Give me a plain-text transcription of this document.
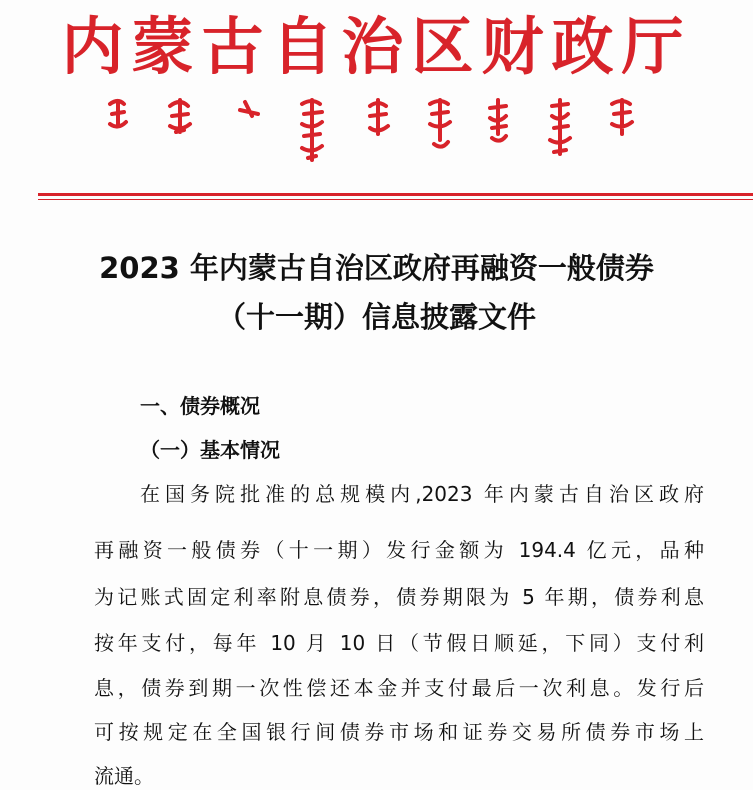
内蒙古自治区财政厅
2023 年内蒙古自治区政府再融资一般债券
（十一期）信息披露文件
一、债券概况
（一）基本情况
在国务院批准的总规模内,2023 年内蒙古自治区政府
再融资一般债券（十一期）发行金额为 194.4 亿元，品种
为记账式固定利率附息债券，债券期限为 5 年期，债券利息
按年支付，每年 10 月 10 日（节假日顺延，下同）支付利
息，债券到期一次性偿还本金并支付最后一次利息。发行后
可按规定在全国银行间债券市场和证券交易所债券市场上
流通。
